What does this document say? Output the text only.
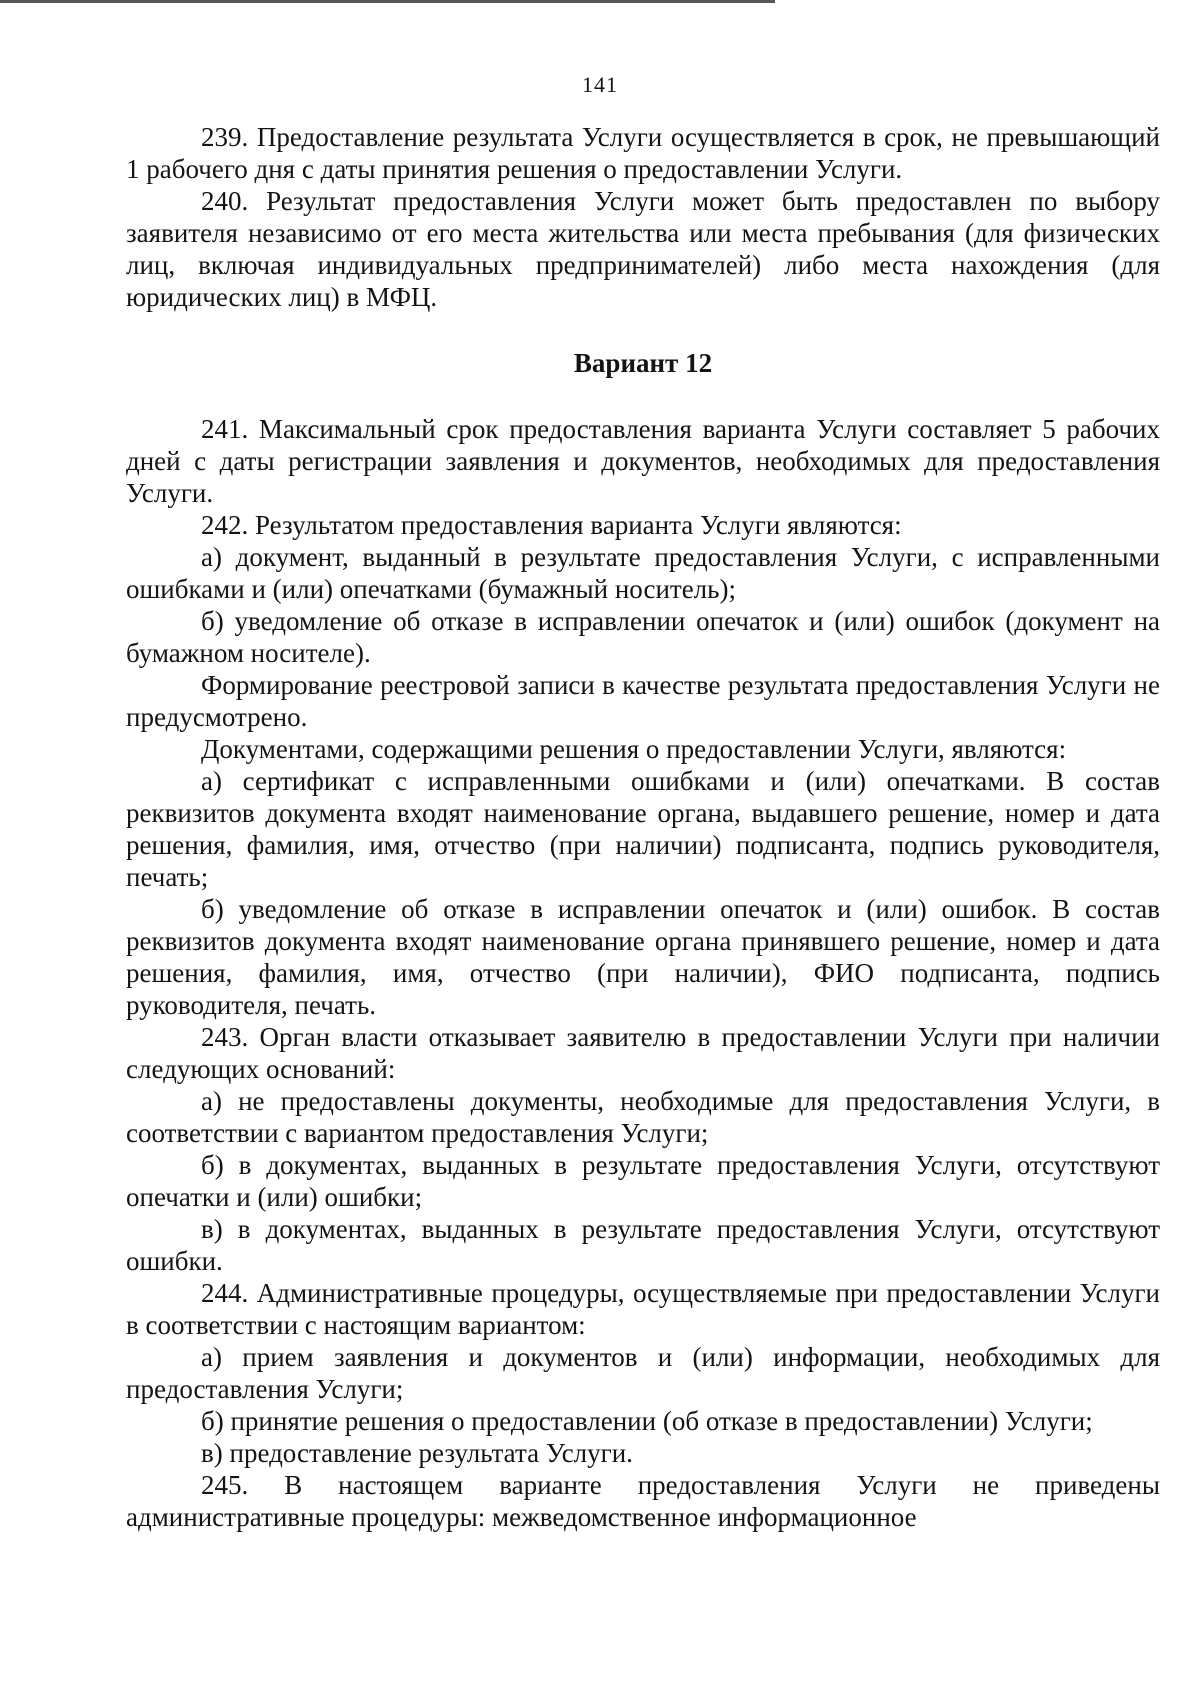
141

239. Предоставление результата Услуги осуществляется в срок, не превышающий 1 рабочего дня с даты принятия решения о предоставлении Услуги.

240. Результат предоставления Услуги может быть предоставлен по выбору заявителя независимо от его места жительства или места пребывания (для физических лиц, включая индивидуальных предпринимателей) либо места нахождения (для юридических лиц) в МФЦ.

Вариант 12

241. Максимальный срок предоставления варианта Услуги составляет 5 рабочих дней с даты регистрации заявления и документов, необходимых для предоставления Услуги.

242. Результатом предоставления варианта Услуги являются:

а) документ, выданный в результате предоставления Услуги, с исправленными ошибками и (или) опечатками (бумажный носитель);

б) уведомление об отказе в исправлении опечаток и (или) ошибок (документ на бумажном носителе).

Формирование реестровой записи в качестве результата предоставления Услуги не предусмотрено.

Документами, содержащими решения о предоставлении Услуги, являются:

а) сертификат с исправленными ошибками и (или) опечатками. В состав реквизитов документа входят наименование органа, выдавшего решение, номер и дата решения, фамилия, имя, отчество (при наличии) подписанта, подпись руководителя, печать;

б) уведомление об отказе в исправлении опечаток и (или) ошибок. В состав реквизитов документа входят наименование органа принявшего решение, номер и дата решения, фамилия, имя, отчество (при наличии), ФИО подписанта, подпись руководителя, печать.

243. Орган власти отказывает заявителю в предоставлении Услуги при наличии следующих оснований:

а) не предоставлены документы, необходимые для предоставления Услуги, в соответствии с вариантом предоставления Услуги;

б) в документах, выданных в результате предоставления Услуги, отсутствуют опечатки и (или) ошибки;

в) в документах, выданных в результате предоставления Услуги, отсутствуют ошибки.

244. Административные процедуры, осуществляемые при предоставлении Услуги в соответствии с настоящим вариантом:

а) прием заявления и документов и (или) информации, необходимых для предоставления Услуги;

б) принятие решения о предоставлении (об отказе в предоставлении) Услуги;

в) предоставление результата Услуги.

245. В настоящем варианте предоставления Услуги не приведены административные процедуры: межведомственное информационное
